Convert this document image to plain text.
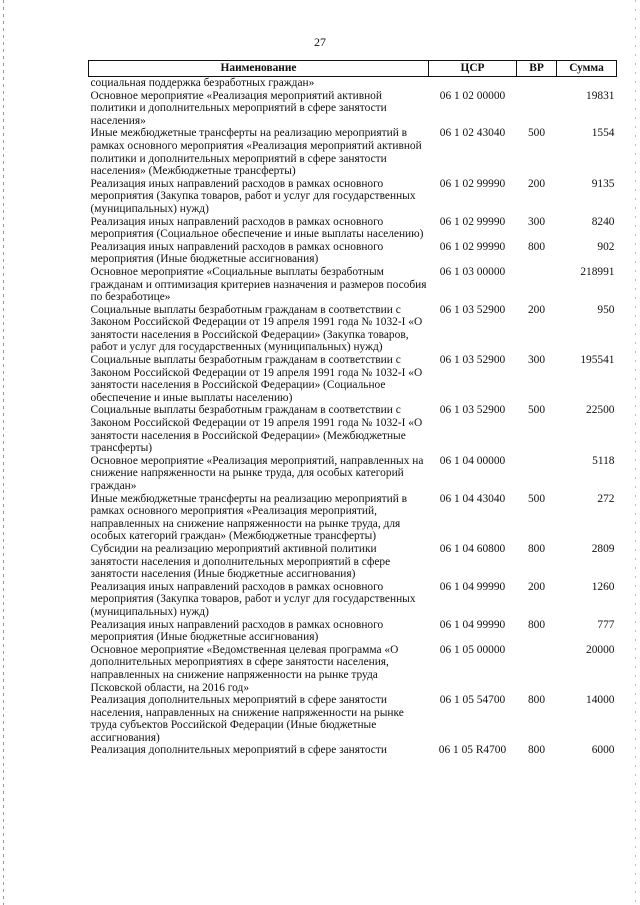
27
Наименование	ЦСР	ВР	Сумма
социальная поддержка безработных граждан»			
Основное мероприятие «Реализация мероприятий активной политики и дополнительных мероприятий в сфере занятости населения»	06 1 02 00000		19831
Иные межбюджетные трансферты на реализацию мероприятий в рамках основного мероприятия «Реализация мероприятий активной политики и дополнительных мероприятий в сфере занятости населения» (Межбюджетные трансферты)	06 1 02 43040	500	1554
Реализация иных направлений расходов в рамках основного мероприятия (Закупка товаров, работ и услуг для государственных (муниципальных) нужд)	06 1 02 99990	200	9135
Реализация иных направлений расходов в рамках основного мероприятия (Социальное обеспечение и иные выплаты населению)	06 1 02 99990	300	8240
Реализация иных направлений расходов в рамках основного мероприятия (Иные бюджетные ассигнования)	06 1 02 99990	800	902
Основное мероприятие «Социальные выплаты безработным гражданам и оптимизация критериев назначения и размеров пособия по безработице»	06 1 03 00000		218991
Социальные выплаты безработным гражданам в соответствии с Законом Российской Федерации от 19 апреля 1991 года № 1032-I «О занятости населения в Российской Федерации» (Закупка товаров, работ и услуг для государственных (муниципальных) нужд)	06 1 03 52900	200	950
Социальные выплаты безработным гражданам в соответствии с Законом Российской Федерации от 19 апреля 1991 года № 1032-I «О занятости населения в Российской Федерации» (Социальное обеспечение и иные выплаты населению)	06 1 03 52900	300	195541
Социальные выплаты безработным гражданам в соответствии с Законом Российской Федерации от 19 апреля 1991 года № 1032-I «О занятости населения в Российской Федерации» (Межбюджетные трансферты)	06 1 03 52900	500	22500
Основное мероприятие «Реализация мероприятий, направленных на снижение напряженности на рынке труда, для особых категорий граждан»	06 1 04 00000		5118
Иные межбюджетные трансферты на реализацию мероприятий в рамках основного мероприятия «Реализация мероприятий, направленных на снижение напряженности на рынке труда, для особых категорий граждан» (Межбюджетные трансферты)	06 1 04 43040	500	272
Субсидии на реализацию мероприятий активной политики занятости населения и дополнительных мероприятий в сфере занятости населения (Иные бюджетные ассигнования)	06 1 04 60800	800	2809
Реализация иных направлений расходов в рамках основного мероприятия (Закупка товаров, работ и услуг для государственных (муниципальных) нужд)	06 1 04 99990	200	1260
Реализация иных направлений расходов в рамках основного мероприятия (Иные бюджетные ассигнования)	06 1 04 99990	800	777
Основное мероприятие «Ведомственная целевая программа «О дополнительных мероприятиях в сфере занятости населения, направленных на снижение напряженности на рынке труда Псковской области, на 2016 год»	06 1 05 00000		20000
Реализация дополнительных мероприятий в сфере занятости населения, направленных на снижение напряженности на рынке труда субъектов Российской Федерации (Иные бюджетные ассигнования)	06 1 05 54700	800	14000
Реализация дополнительных мероприятий в сфере занятости	06 1 05 R4700	800	6000
